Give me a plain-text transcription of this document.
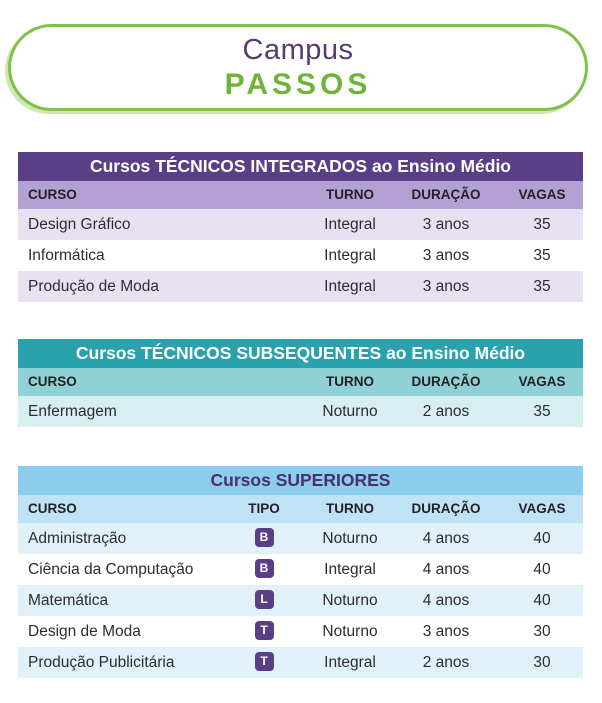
Campus
PASSOS
Cursos TÉCNICOS INTEGRADOS ao Ensino Médio
CURSO	TURNO	DURAÇÃO	VAGAS
Design Gráfico	Integral	3 anos	35
Informática	Integral	3 anos	35
Produção de Moda	Integral	3 anos	35
Cursos TÉCNICOS SUBSEQUENTES ao Ensino Médio
CURSO	TURNO	DURAÇÃO	VAGAS
Enfermagem	Noturno	2 anos	35
Cursos SUPERIORES
CURSO	TIPO	TURNO	DURAÇÃO	VAGAS
Administração	B	Noturno	4 anos	40
Ciência da Computação	B	Integral	4 anos	40
Matemática	L	Noturno	4 anos	40
Design de Moda	T	Noturno	3 anos	30
Produção Publicitária	T	Integral	2 anos	30
